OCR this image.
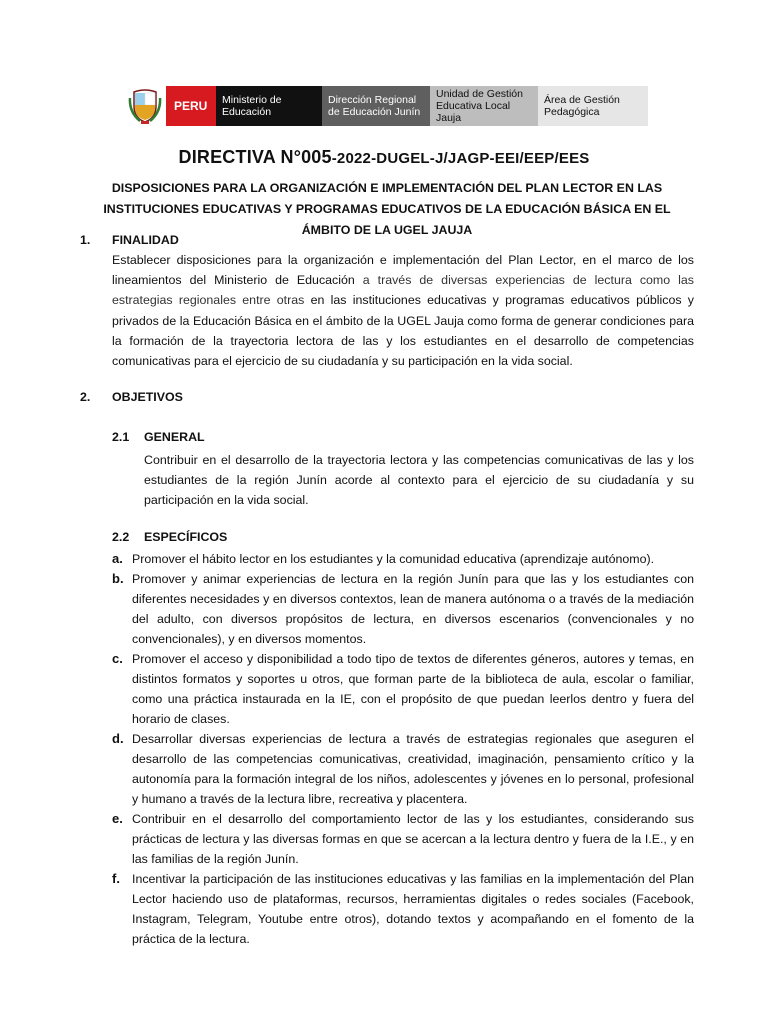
PERU	Ministerio de
Educación
Dirección Regional
de Educación Junín
Unidad de Gestión
Educativa Local Jauja
Área de Gestión
Pedagógica
DIRECTIVA N°005-2022-DUGEL-J/JAGP-EEI/EEP/EES
DISPOSICIONES PARA LA ORGANIZACIÓN E IMPLEMENTACIÓN DEL PLAN LECTOR EN LAS INSTITUCIONES EDUCATIVAS Y PROGRAMAS EDUCATIVOS DE LA EDUCACIÓN BÁSICA EN EL ÁMBITO DE LA UGEL JAUJA
1. FINALIDAD
Establecer disposiciones para la organización e implementación del Plan Lector, en el marco de los lineamientos del Ministerio de Educación a través de diversas experiencias de lectura como las estrategias regionales entre otras en las instituciones educativas y programas educativos públicos y privados de la Educación Básica en el ámbito de la UGEL Jauja como forma de generar condiciones para la formación de la trayectoria lectora de las y los estudiantes en el desarrollo de competencias comunicativas para el ejercicio de su ciudadanía y su participación en la vida social.
2. OBJETIVOS
2.1 GENERAL
Contribuir en el desarrollo de la trayectoria lectora y las competencias comunicativas de las y los estudiantes de la región Junín acorde al contexto para el ejercicio de su ciudadanía y su participación en la vida social.
2.2 ESPECÍFICOS
a. Promover el hábito lector en los estudiantes y la comunidad educativa (aprendizaje autónomo).
b. Promover y animar experiencias de lectura en la región Junín para que las y los estudiantes con diferentes necesidades y en diversos contextos, lean de manera autónoma o a través de la mediación del adulto, con diversos propósitos de lectura, en diversos escenarios (convencionales y no convencionales), y en diversos momentos.
c. Promover el acceso y disponibilidad a todo tipo de textos de diferentes géneros, autores y temas, en distintos formatos y soportes u otros, que forman parte de la biblioteca de aula, escolar o familiar, como una práctica instaurada en la IE, con el propósito de que puedan leerlos dentro y fuera del horario de clases.
d. Desarrollar diversas experiencias de lectura a través de estrategias regionales que aseguren el desarrollo de las competencias comunicativas, creatividad, imaginación, pensamiento crítico y la autonomía para la formación integral de los niños, adolescentes y jóvenes en lo personal, profesional y humano a través de la lectura libre, recreativa y placentera.
e. Contribuir en el desarrollo del comportamiento lector de las y los estudiantes, considerando sus prácticas de lectura y las diversas formas en que se acercan a la lectura dentro y fuera de la I.E., y en las familias de la región Junín.
f. Incentivar la participación de las instituciones educativas y las familias en la implementación del Plan Lector haciendo uso de plataformas, recursos, herramientas digitales o redes sociales (Facebook, Instagram, Telegram, Youtube entre otros), dotando textos y acompañando en el fomento de la práctica de la lectura.
